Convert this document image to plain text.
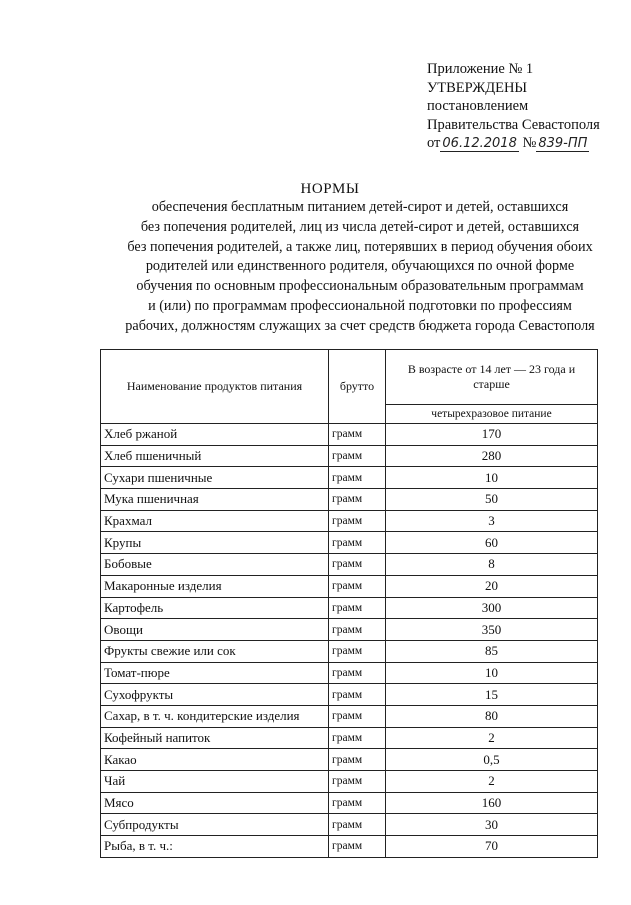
Приложение № 1
УТВЕРЖДЕНЫ
постановлением
Правительства Севастополя
от 06.12.2018 № 839-ПП
НОРМЫ
обеспечения бесплатным питанием детей-сирот и детей, оставшихся
без попечения родителей, лиц из числа детей-сирот и детей, оставшихся
без попечения родителей, а также лиц, потерявших в период обучения обоих
родителей или единственного родителя, обучающихся по очной форме
обучения по основным профессиональным образовательным программам
и (или) по программам профессиональной подготовки по профессиям
рабочих, должностям служащих за счет средств бюджета города Севастополя
Наименование продуктов питания	брутто	В возрасте от 14 лет — 23 года и старше
		четырехразовое питание
Хлеб ржаной	грамм	170
Хлеб пшеничный	грамм	280
Сухари пшеничные	грамм	10
Мука пшеничная	грамм	50
Крахмал	грамм	3
Крупы	грамм	60
Бобовые	грамм	8
Макаронные изделия	грамм	20
Картофель	грамм	300
Овощи	грамм	350
Фрукты свежие или сок	грамм	85
Томат-пюре	грамм	10
Сухофрукты	грамм	15
Сахар, в т. ч. кондитерские изделия	грамм	80
Кофейный напиток	грамм	2
Какао	грамм	0,5
Чай	грамм	2
Мясо	грамм	160
Субпродукты	грамм	30
Рыба, в т. ч.:	грамм	70
